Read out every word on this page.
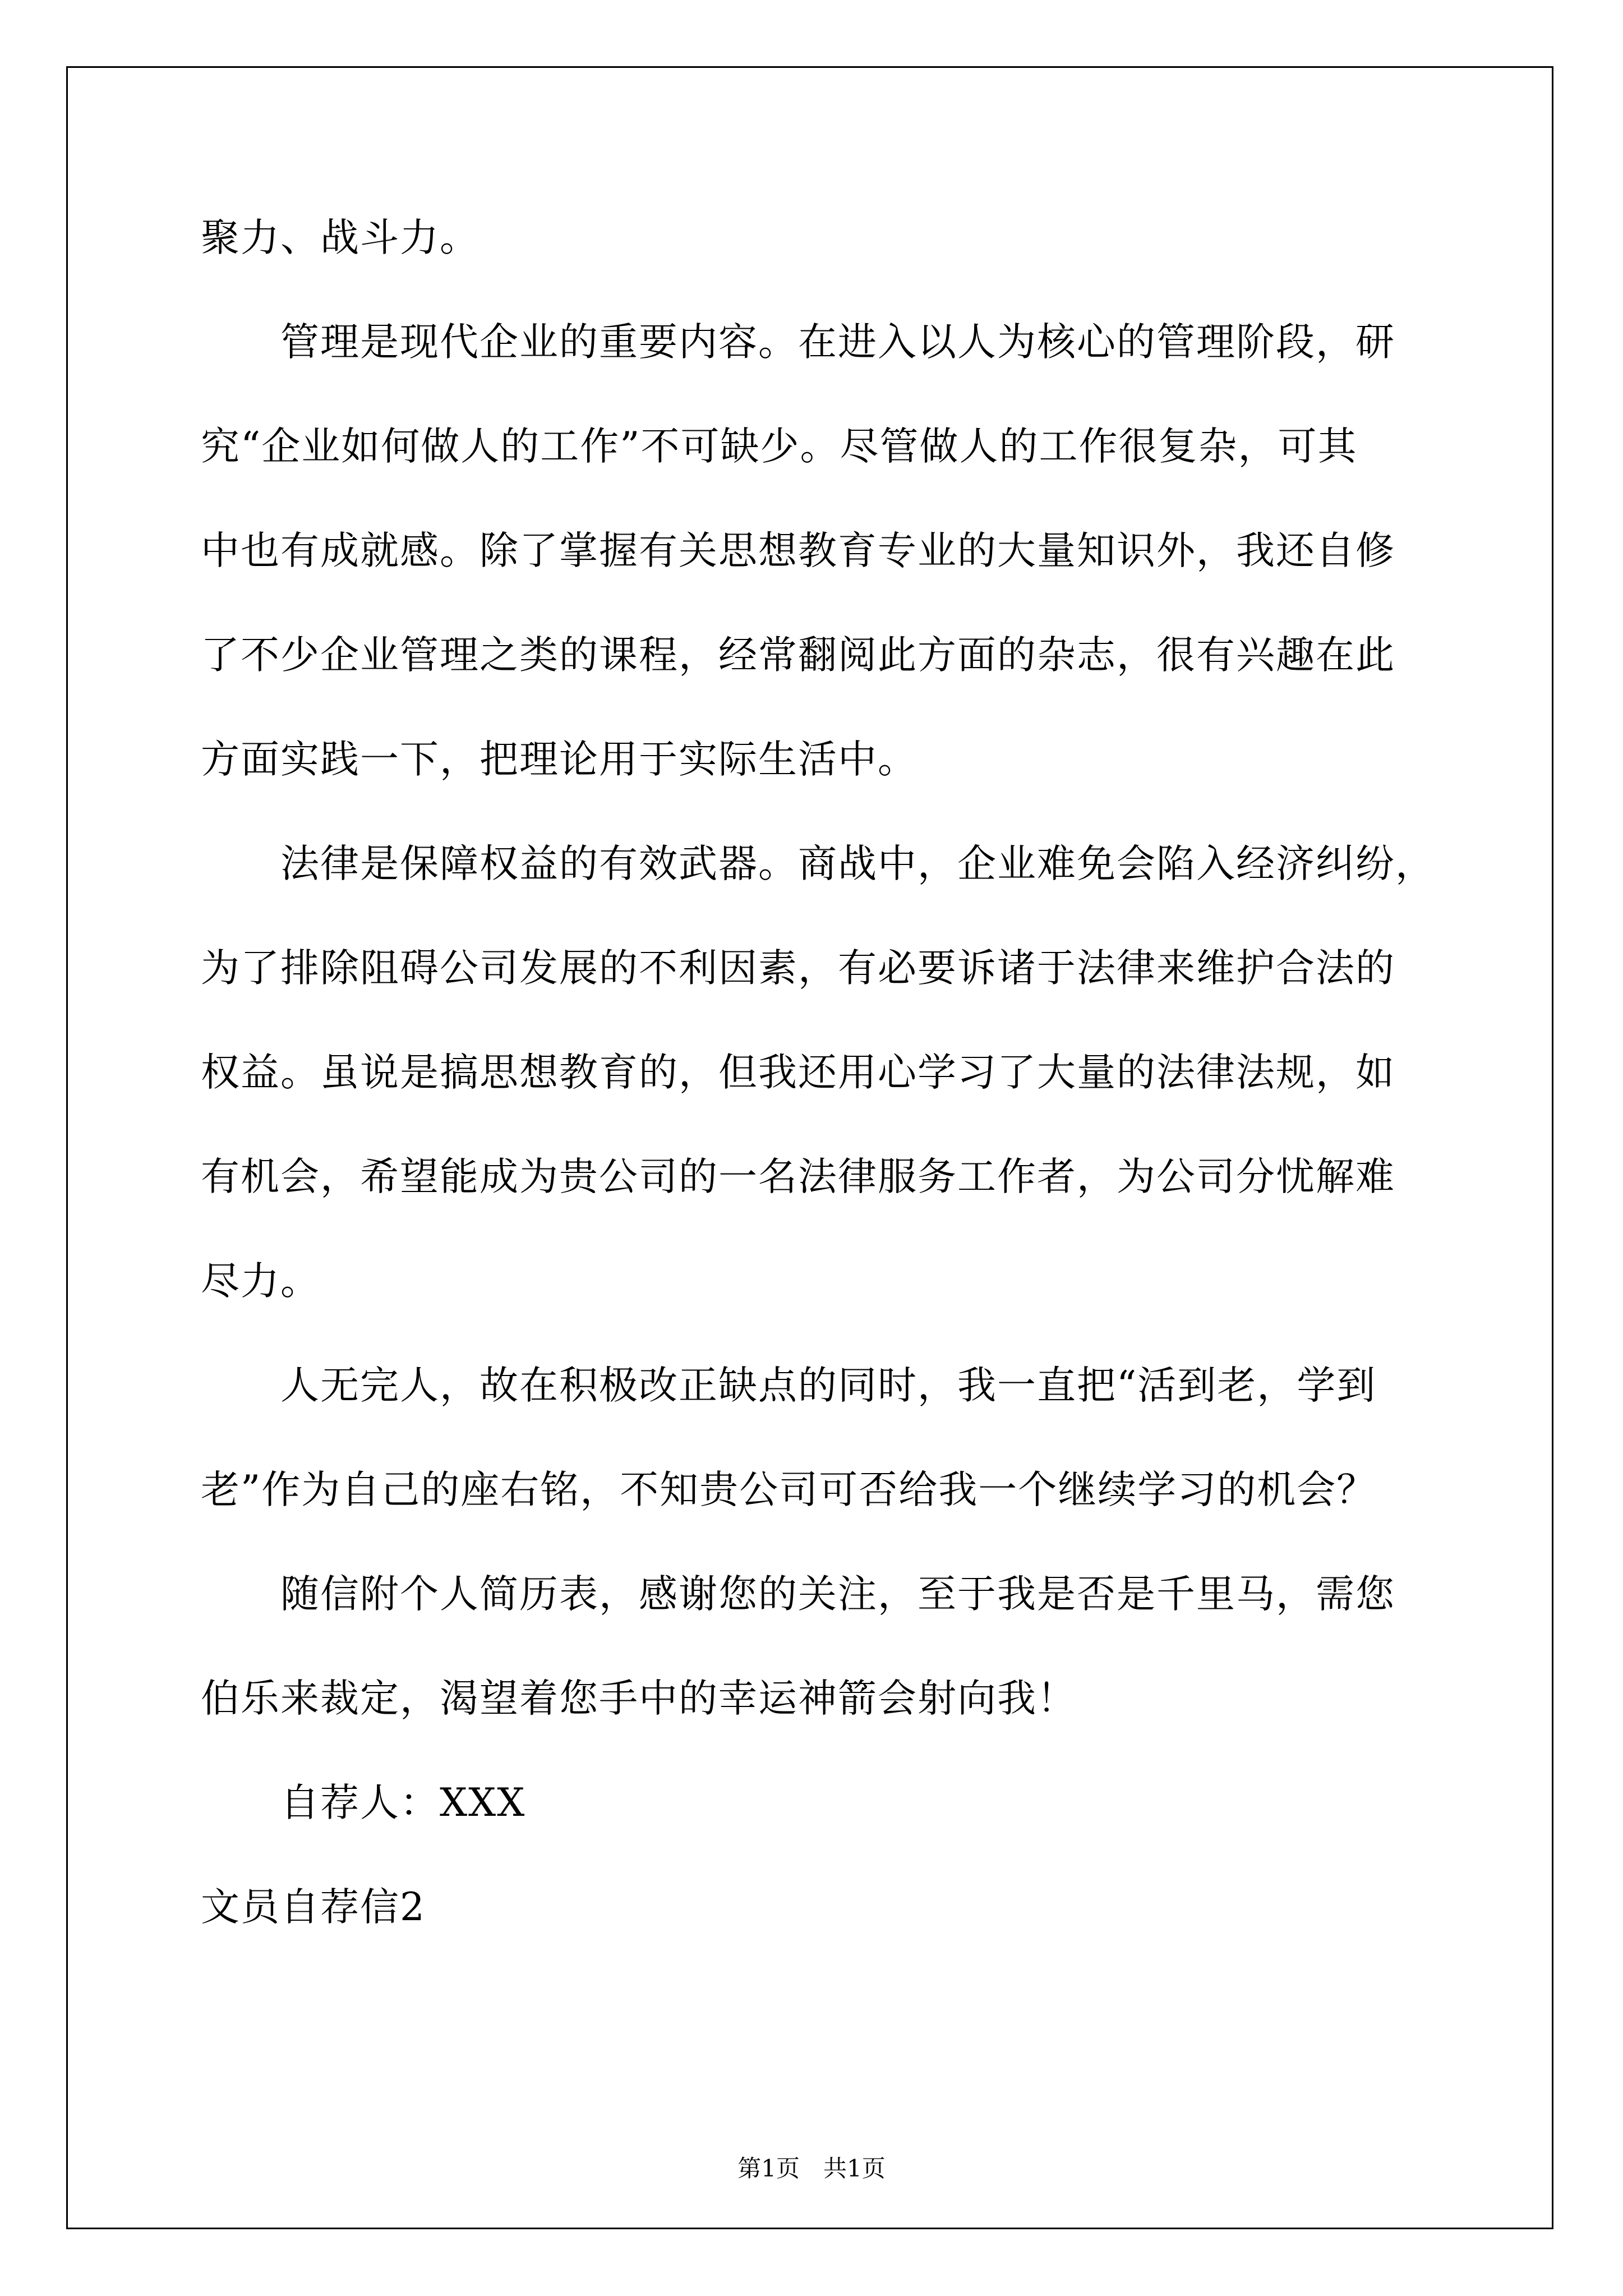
聚力、战斗力。
管理是现代企业的重要内容。在进入以人为核心的管理阶段，研
究“企业如何做人的工作”不可缺少。尽管做人的工作很复杂，可其
中也有成就感。除了掌握有关思想教育专业的大量知识外，我还自修
了不少企业管理之类的课程，经常翻阅此方面的杂志，很有兴趣在此
方面实践一下，把理论用于实际生活中。
法律是保障权益的有效武器。商战中，企业难免会陷入经济纠纷，
为了排除阻碍公司发展的不利因素，有必要诉诸于法律来维护合法的
权益。虽说是搞思想教育的，但我还用心学习了大量的法律法规，如
有机会，希望能成为贵公司的一名法律服务工作者，为公司分忧解难
尽力。
人无完人，故在积极改正缺点的同时，我一直把“活到老，学到
老”作为自己的座右铭，不知贵公司可否给我一个继续学习的机会？
随信附个人简历表，感谢您的关注，至于我是否是千里马，需您
伯乐来裁定，渴望着您手中的幸运神箭会射向我！
自荐人：XXX
文员自荐信2
第1页　共1页
